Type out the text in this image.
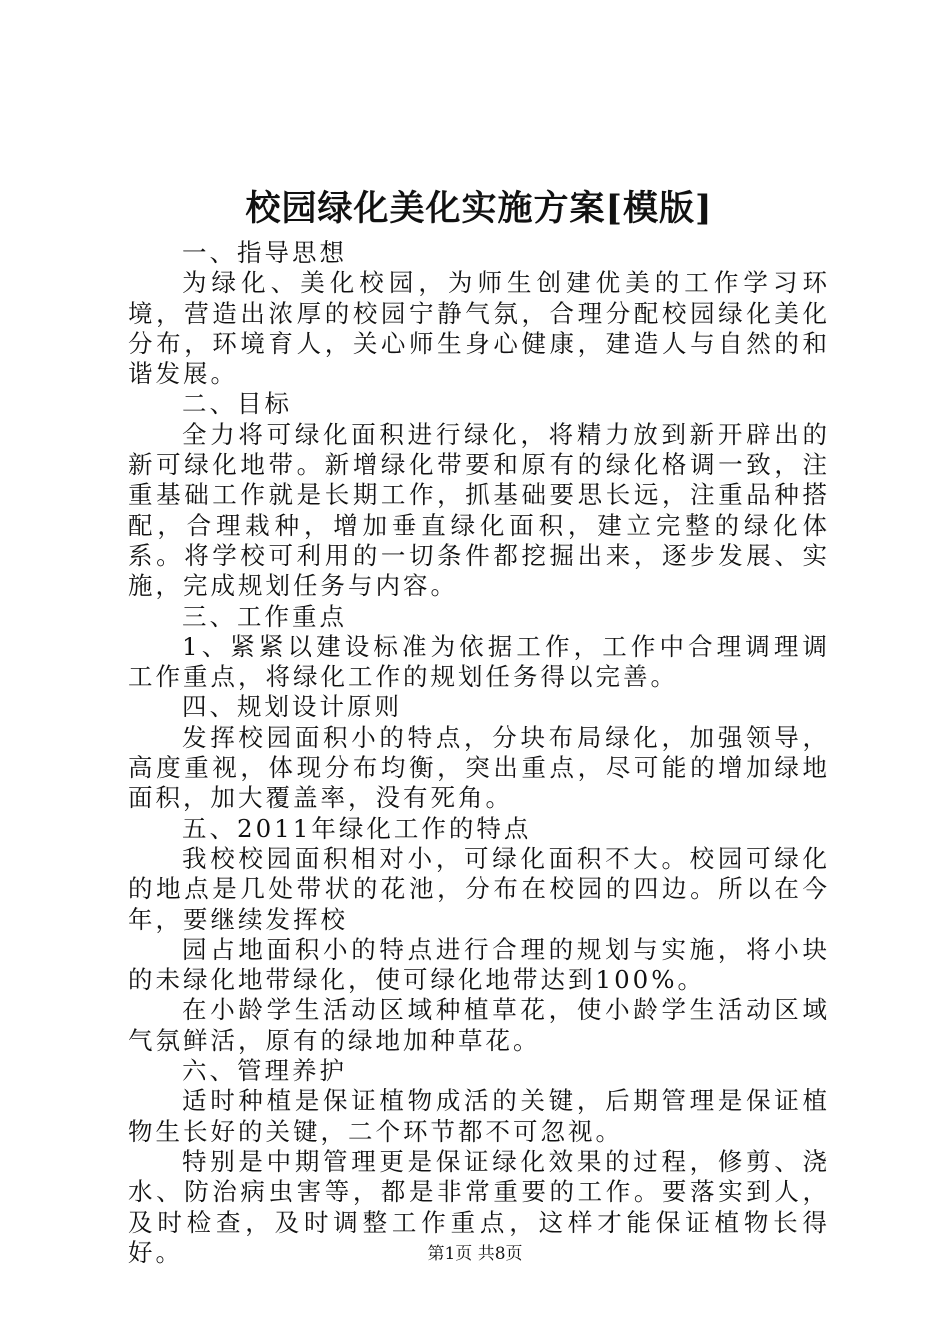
校园绿化美化实施方案[模版]

一、指导思想

为绿化、美化校园，为师生创建优美的工作学习环境，营造出浓厚的校园宁静气氛，合理分配校园绿化美化分布，环境育人，关心师生身心健康，建造人与自然的和谐发展。

二、目标

全力将可绿化面积进行绿化，将精力放到新开辟出的新可绿化地带。新增绿化带要和原有的绿化格调一致，注重基础工作就是长期工作，抓基础要思长远，注重品种搭配，合理栽种，增加垂直绿化面积，建立完整的绿化体系。将学校可利用的一切条件都挖掘出来，逐步发展、实施，完成规划任务与内容。

三、工作重点

1、紧紧以建设标准为依据工作，工作中合理调理调工作重点，将绿化工作的规划任务得以完善。

四、规划设计原则

发挥校园面积小的特点，分块布局绿化，加强领导，高度重视，体现分布均衡，突出重点，尽可能的增加绿地面积，加大覆盖率，没有死角。

五、2011年绿化工作的特点

我校校园面积相对小，可绿化面积不大。校园可绿化的地点是几处带状的花池，分布在校园的四边。所以在今年，要继续发挥校

园占地面积小的特点进行合理的规划与实施，将小块的未绿化地带绿化，使可绿化地带达到100%。

在小龄学生活动区域种植草花，使小龄学生活动区域气氛鲜活，原有的绿地加种草花。

六、管理养护

适时种植是保证植物成活的关键，后期管理是保证植物生长好的关键，二个环节都不可忽视。

特别是中期管理更是保证绿化效果的过程，修剪、浇水、防治病虫害等，都是非常重要的工作。要落实到人，及时检查，及时调整工作重点，这样才能保证植物长得好。	第1页 共8页
